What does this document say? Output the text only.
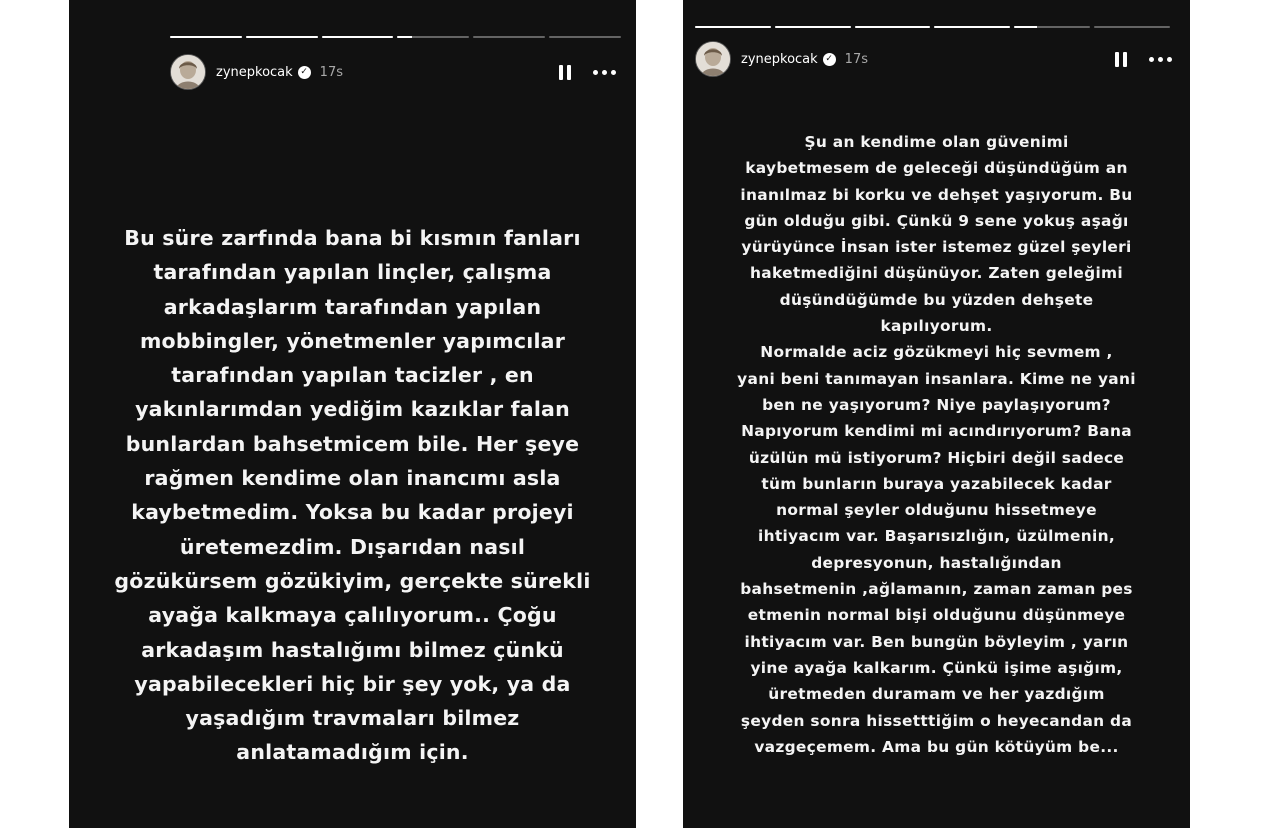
zynepkocak ✓ 17s
Bu süre zarfında bana bi kısmın fanları
tarafından yapılan linçler, çalışma
arkadaşlarım tarafından yapılan
mobbingler, yönetmenler yapımcılar
tarafından yapılan tacizler , en
yakınlarımdan yediğim kazıklar falan
bunlardan bahsetmicem bile. Her şeye
rağmen kendime olan inancımı asla
kaybetmedim. Yoksa bu kadar projeyi
üretemezdim. Dışarıdan nasıl
gözükürsem gözükiyim, gerçekte sürekli
ayağa kalkmaya çalılıyorum.. Çoğu
arkadaşım hastalığımı bilmez çünkü
yapabilecekleri hiç bir şey yok, ya da
yaşadığım travmaları bilmez
anlatamadığım için.
zynepkocak ✓ 17s
Şu an kendime olan güvenimi
kaybetmesem de geleceği düşündüğüm an
inanılmaz bi korku ve dehşet yaşıyorum. Bu
gün olduğu gibi. Çünkü 9 sene yokuş aşağı
yürüyünce İnsan ister istemez güzel şeyleri
haketmediğini düşünüyor. Zaten geleğimi
düşündüğümde bu yüzden dehşete
kapılıyorum.
Normalde aciz gözükmeyi hiç sevmem ,
yani beni tanımayan insanlara. Kime ne yani
ben ne yaşıyorum? Niye paylaşıyorum?
Napıyorum kendimi mi acındırıyorum? Bana
üzülün mü istiyorum? Hiçbiri değil sadece
tüm bunların buraya yazabilecek kadar
normal şeyler olduğunu hissetmeye
ihtiyacım var. Başarısızlığın, üzülmenin,
depresyonun, hastalığından
bahsetmenin ,ağlamanın, zaman zaman pes
etmenin normal bişi olduğunu düşünmeye
ihtiyacım var. Ben bungün böyleyim , yarın
yine ayağa kalkarım. Çünkü işime aşığım,
üretmeden duramam ve her yazdığım
şeyden sonra hissetttiğim o heyecandan da
vazgeçemem. Ama bu gün kötüyüm be...
